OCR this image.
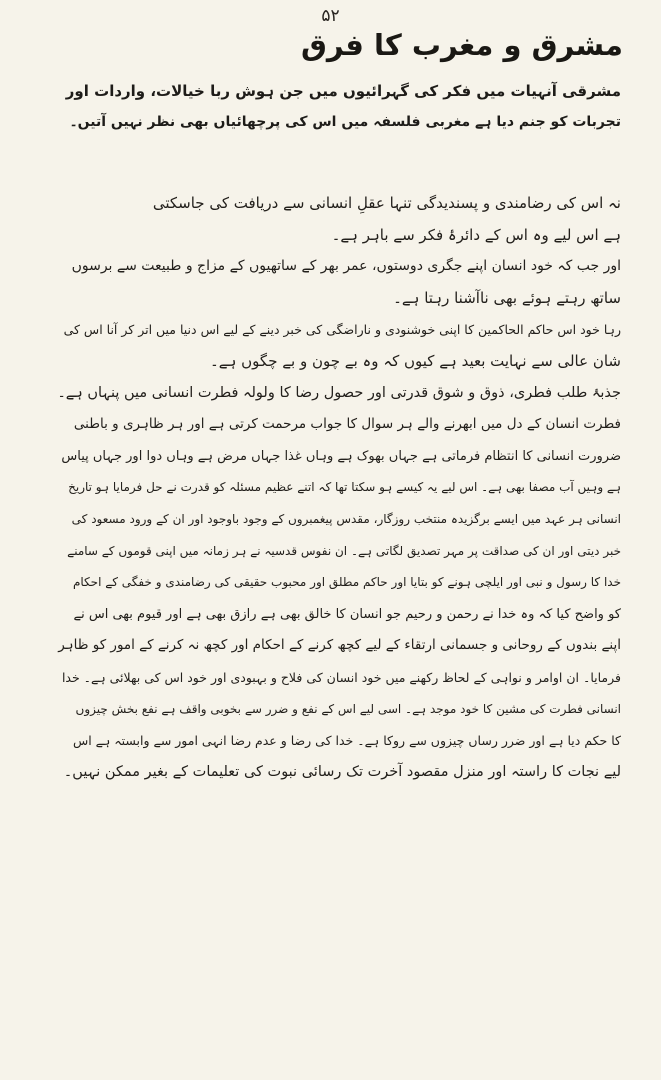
۵۲
مشرق و مغرب کا فرق

مشرقی آنہیات میں فکر کی گہرائیوں میں جن ہوش ربا خیالات، واردات اور

تجربات کو جنم دیا ہے مغربی فلسفہ میں اس کی پرچھائیاں بھی نظر نہیں آتیں۔

نہ اس کی رضامندی و پسندیدگی تنہا عقلِ انسانی سے دریافت کی جاسکتی
ہے اس لیے وہ اس کے دائرۂ فکر سے باہر ہے۔
اور جب کہ خود انسان اپنے جگری دوستوں، عمر بھر کے ساتھیوں کے مزاج و طبیعت سے برسوں
ساتھ رہتے ہوئے بھی ناآشنا رہتا ہے۔
رہا خود اس حاکم الحاکمین کا اپنی خوشنودی و ناراضگی کی خبر دینے کے لیے اس دنیا میں اتر کر آنا اس کی
شان عالی سے نہایت بعید ہے کیوں کہ وہ بے چون و بے چگوں ہے۔
جذبۂ طلب فطری، ذوق و شوق قدرتی اور حصول رضا کا ولولہ فطرت انسانی میں پنہاں ہے۔
فطرت انسان کے دل میں ابھرنے والے ہر سوال کا جواب مرحمت کرتی ہے اور ہر ظاہری و باطنی
ضرورت انسانی کا انتظام فرماتی ہے جہاں بھوک ہے وہاں غذا جہاں مرض ہے وہاں دوا اور جہاں پیاس
ہے وہیں آب مصفا بھی ہے۔ اس لیے یہ کیسے ہو سکتا تھا کہ اتنے عظیم مسئلہ کو قدرت نے حل فرمایا ہو تاریخ
انسانی ہر عہد میں ایسے برگزیدہ منتخب روزگار، مقدس پیغمبروں کے وجود باوجود اور ان کے ورود مسعود کی
خبر دیتی اور ان کی صداقت پر مہر تصدیق لگاتی ہے۔ ان نفوس قدسیہ نے ہر زمانہ میں اپنی قوموں کے سامنے
خدا کا رسول و نبی اور ایلچی ہونے کو بتایا اور حاکم مطلق اور محبوب حقیقی کی رضامندی و خفگی کے احکام
کو واضح کیا کہ وہ خدا نے رحمن و رحیم جو انسان کا خالق بھی ہے رازق بھی ہے اور قیوم بھی اس نے
اپنے بندوں کے روحانی و جسمانی ارتقاء کے لیے کچھ کرنے کے احکام اور کچھ نہ کرنے کے امور کو ظاہر
فرمایا۔ ان اوامر و نواہی کے لحاظ رکھنے میں خود انسان کی فلاح و بہبودی اور خود اس کی بھلائی ہے۔ خدا
انسانی فطرت کی مشین کا خود موجد ہے۔ اسی لیے اس کے نفع و ضرر سے بخوبی واقف ہے نفع بخش چیزوں
کا حکم دیا ہے اور ضرر رساں چیزوں سے روکا ہے۔ خدا کی رضا و عدم رضا انہی امور سے وابستہ ہے اس
لیے نجات کا راستہ اور منزل مقصود آخرت تک رسائی نبوت کی تعلیمات کے بغیر ممکن نہیں۔
